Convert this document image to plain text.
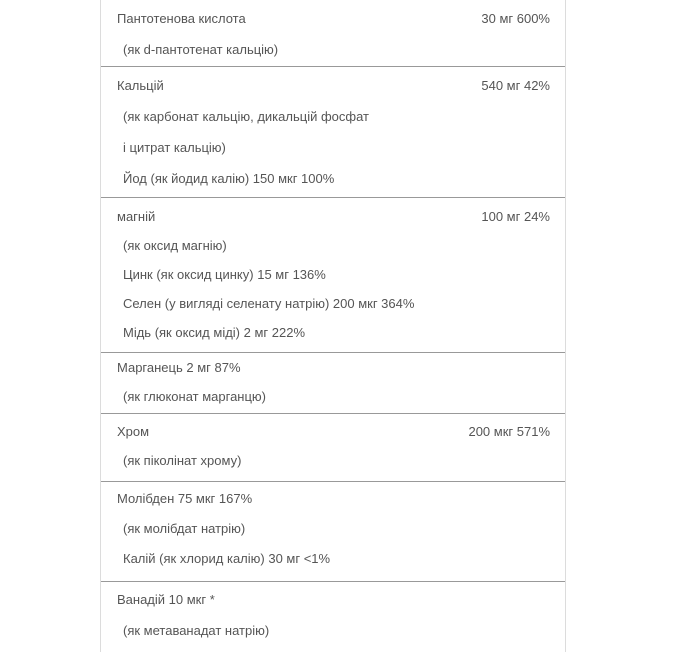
Пантотенова кислота	30 мг 600%
(як d-пантотенат кальцію)
Кальцій	540 мг 42%
(як карбонат кальцію, дикальцій фосфат
і цитрат кальцію)
Йод (як йодид калію) 150 мкг 100%
магній	100 мг 24%
(як оксид магнію)
Цинк (як оксид цинку) 15 мг 136%
Селен (у вигляді селенату натрію) 200 мкг 364%
Мідь (як оксид міді) 2 мг 222%
Марганець 2 мг 87%
(як глюконат марганцю)
Хром	200 мкг 571%
(як пiколiнат хрому)
Молібден 75 мкг 167%
(як молібдат натрію)
Калій (як хлорид калію) 30 мг <1%
Ванадій 10 мкг *
(як метаванадат натрію)
